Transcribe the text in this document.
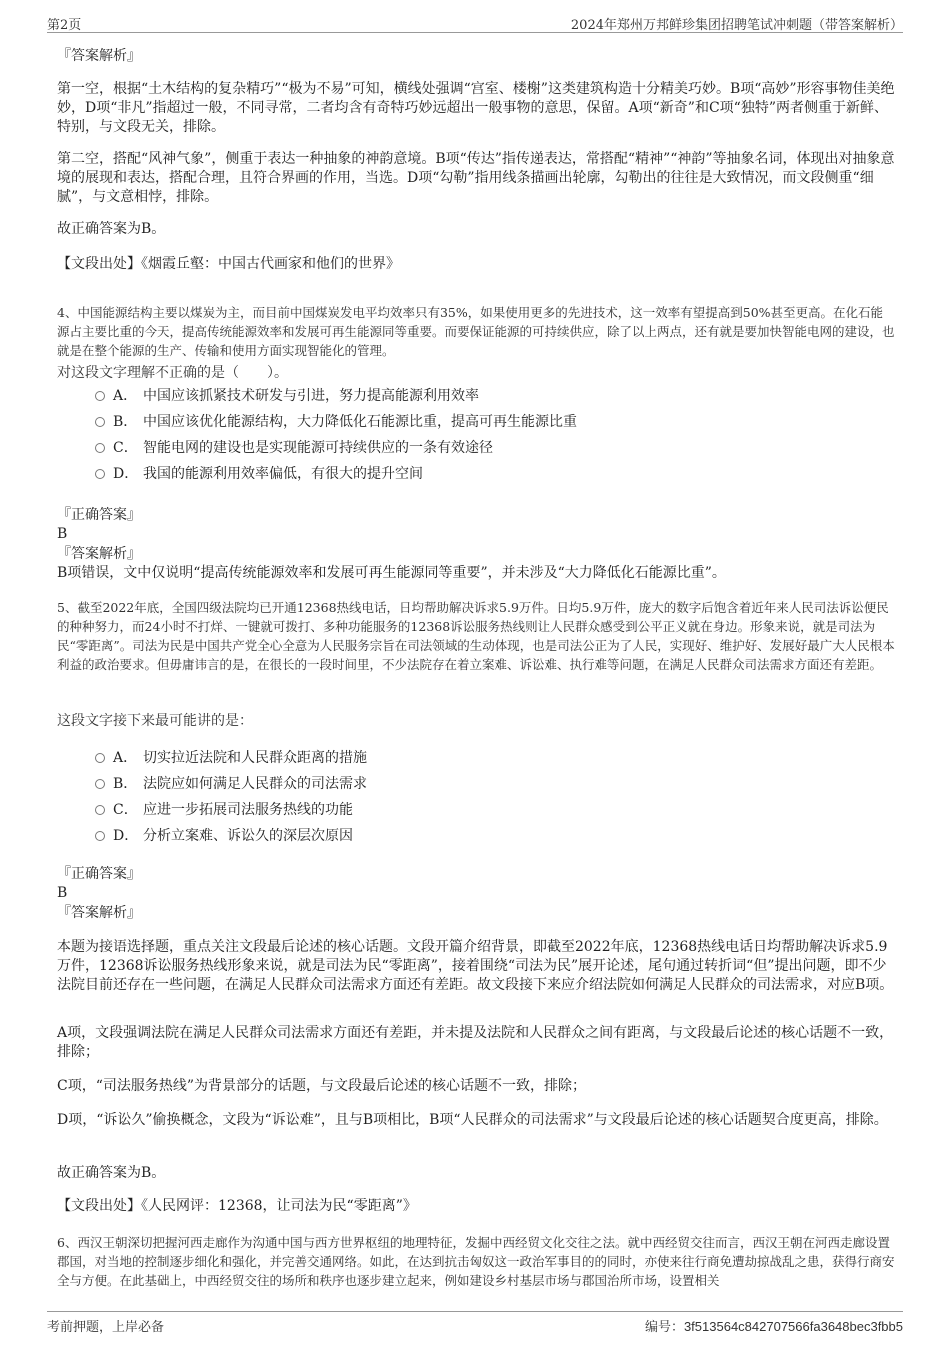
第2页	2024年郑州万邦鲜珍集团招聘笔试冲刺题（带答案解析）
『答案解析』

第一空，根据“土木结构的复杂精巧”“极为不易”可知，横线处强调“宫室、楼榭”这类建筑构造十分精美巧妙。B项“高妙”形容事物佳美绝妙，D项“非凡”指超过一般，不同寻常，二者均含有奇特巧妙远超出一般事物的意思，保留。A项“新奇”和C项“独特”两者侧重于新鲜、特别，与文段无关，排除。

第二空，搭配“风神气象”，侧重于表达一种抽象的神韵意境。B项“传达”指传递表达，常搭配“精神”“神韵”等抽象名词，体现出对抽象意境的展现和表达，搭配合理，且符合界画的作用，当选。D项“勾勒”指用线条描画出轮廓，勾勒出的往往是大致情况，而文段侧重“细腻”，与文意相悖，排除。

故正确答案为B。
【文段出处】《烟霞丘壑：中国古代画家和他们的世界》

4、中国能源结构主要以煤炭为主，而目前中国煤炭发电平均效率只有35%，如果使用更多的先进技术，这一效率有望提高到50%甚至更高。在化石能源占主要比重的今天，提高传统能源效率和发展可再生能源同等重要。而要保证能源的可持续供应，除了以上两点，还有就是要加快智能电网的建设，也就是在整个能源的生产、传输和使用方面实现智能化的管理。

对这段文字理解不正确的是（　　）。
A． 中国应该抓紧技术研发与引进，努力提高能源利用效率
B． 中国应该优化能源结构，大力降低化石能源比重，提高可再生能源比重
C． 智能电网的建设也是实现能源可持续供应的一条有效途径
D． 我国的能源利用效率偏低，有很大的提升空间
『正确答案』
B
『答案解析』
B项错误，文中仅说明“提高传统能源效率和发展可再生能源同等重要”，并未涉及“大力降低化石能源比重”。

5、截至2022年底，全国四级法院均已开通12368热线电话，日均帮助解决诉求5.9万件。日均5.9万件，庞大的数字后饱含着近年来人民司法诉讼便民的种种努力，而24小时不打烊、一键就可拨打、多种功能服务的12368诉讼服务热线则让人民群众感受到公平正义就在身边。形象来说，就是司法为民“零距离”。司法为民是中国共产党全心全意为人民服务宗旨在司法领域的生动体现，也是司法公正为了人民，实现好、维护好、发展好最广大人民根本利益的政治要求。但毋庸讳言的是，在很长的一段时间里，不少法院存在着立案难、诉讼难、执行难等问题，在满足人民群众司法需求方面还有差距。

这段文字接下来最可能讲的是：
A． 切实拉近法院和人民群众距离的措施
B． 法院应如何满足人民群众的司法需求
C． 应进一步拓展司法服务热线的功能
D． 分析立案难、诉讼久的深层次原因
『正确答案』
B
『答案解析』

本题为接语选择题，重点关注文段最后论述的核心话题。文段开篇介绍背景，即截至2022年底，12368热线电话日均帮助解决诉求5.9万件，12368诉讼服务热线形象来说，就是司法为民“零距离”，接着围绕“司法为民”展开论述，尾句通过转折词“但”提出问题，即不少法院目前还存在一些问题，在满足人民群众司法需求方面还有差距。故文段接下来应介绍法院如何满足人民群众的司法需求，对应B项。

A项，文段强调法院在满足人民群众司法需求方面还有差距，并未提及法院和人民群众之间有距离，与文段最后论述的核心话题不一致，排除；

C项，“司法服务热线”为背景部分的话题，与文段最后论述的核心话题不一致，排除；

D项，“诉讼久”偷换概念，文段为“诉讼难”，且与B项相比，B项“人民群众的司法需求”与文段最后论述的核心话题契合度更高，排除。

故正确答案为B。
【文段出处】《人民网评：12368，让司法为民“零距离”》

6、西汉王朝深切把握河西走廊作为沟通中国与西方世界枢纽的地理特征，发掘中西经贸文化交往之法。就中西经贸交往而言，西汉王朝在河西走廊设置郡国，对当地的控制逐步细化和强化，并完善交通网络。如此，在达到抗击匈奴这一政治军事目的的同时，亦使来往行商免遭劫掠战乱之患，获得行商安全与方便。在此基础上，中西经贸交往的场所和秩序也逐步建立起来，例如建设乡村基层市场与郡国治所市场，设置相关

考前押题，上岸必备	编号：3f513564c842707566fa3648bec3fbb5
